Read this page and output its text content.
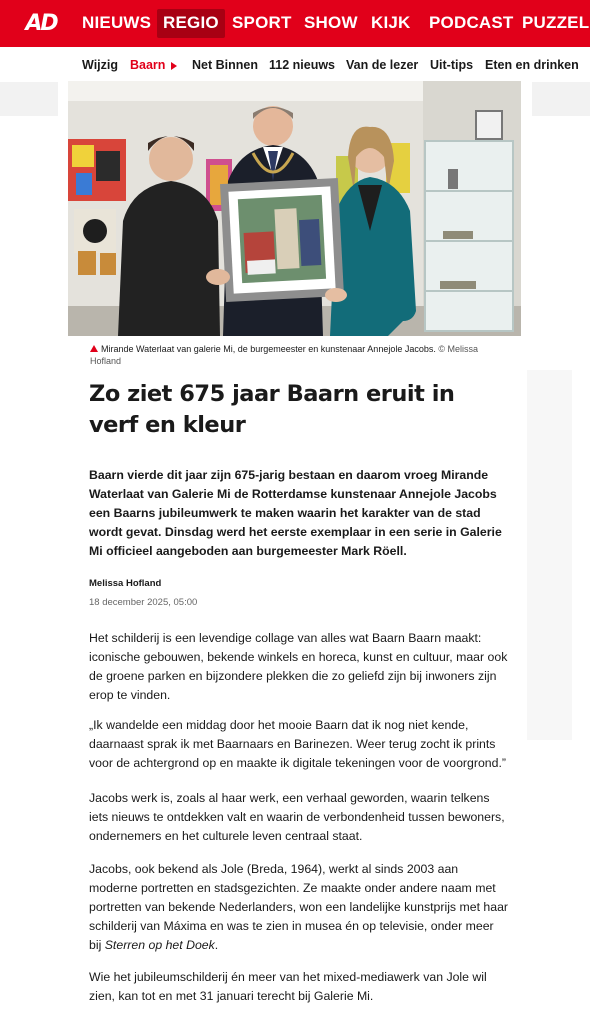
AD NIEUWS REGIO SPORT SHOW KIJK PODCAST PUZZEL
Wijzig Baarn Net Binnen 112 nieuws Van de lezer Uit-tips Eten en drinken

Mirande Waterlaat van galerie Mi, de burgemeester en kunstenaar Annejole Jacobs. © Melissa Hofland

Zo ziet 675 jaar Baarn eruit in verf en kleur

Baarn vierde dit jaar zijn 675-jarig bestaan en daarom vroeg Mirande Waterlaat van Galerie Mi de Rotterdamse kunstenaar Annejole Jacobs een Baarns jubileumwerk te maken waarin het karakter van de stad wordt gevat. Dinsdag werd het eerste exemplaar in een serie in Galerie Mi officieel aangeboden aan burgemeester Mark Röell.

Melissa Hofland
18 december 2025, 05:00

Het schilderij is een levendige collage van alles wat Baarn Baarn maakt: iconische gebouwen, bekende winkels en horeca, kunst en cultuur, maar ook de groene parken en bijzondere plekken die zo geliefd zijn bij inwoners zijn erop te vinden.

„Ik wandelde een middag door het mooie Baarn dat ik nog niet kende, daarnaast sprak ik met Baarnaars en Barinezen. Weer terug zocht ik prints voor de achtergrond op en maakte ik digitale tekeningen voor de voorgrond.”

Jacobs werk is, zoals al haar werk, een verhaal geworden, waarin telkens iets nieuws te ontdekken valt en waarin de verbondenheid tussen bewoners, ondernemers en het culturele leven centraal staat.

Jacobs, ook bekend als Jole (Breda, 1964), werkt al sinds 2003 aan moderne portretten en stadsgezichten. Ze maakte onder andere naam met portretten van bekende Nederlanders, won een landelijke kunstprijs met haar schilderij van Máxima en was te zien in musea én op televisie, onder meer bij Sterren op het Doek.

Wie het jubileumschilderij én meer van het mixed-mediawerk van Jole wil zien, kan tot en met 31 januari terecht bij Galerie Mi.
